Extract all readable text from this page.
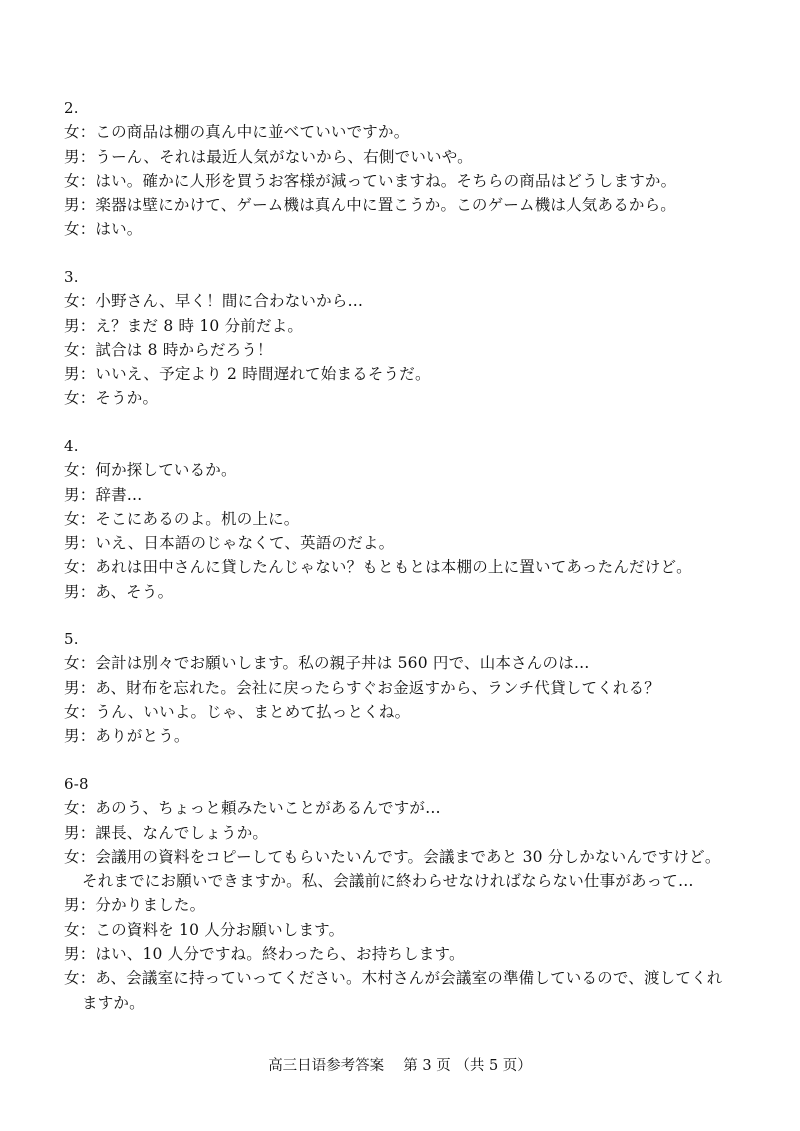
2.
女：この商品は棚の真ん中に並べていいですか。
男：うーん、それは最近人気がないから、右側でいいや。
女：はい。確かに人形を買うお客様が減っていますね。そちらの商品はどうしますか。
男：楽器は壁にかけて、ゲーム機は真ん中に置こうか。このゲーム機は人気あるから。
女：はい。
3.
女：小野さん、早く！間に合わないから…
男：え？まだ 8 時 10 分前だよ。
女：試合は 8 時からだろう！
男：いいえ、予定より 2 時間遅れて始まるそうだ。
女：そうか。
4.
女：何か探しているか。
男：辞書…
女：そこにあるのよ。机の上に。
男：いえ、日本語のじゃなくて、英語のだよ。
女：あれは田中さんに貸したんじゃない？もともとは本棚の上に置いてあったんだけど。
男：あ、そう。
5.
女：会計は別々でお願いします。私の親子丼は 560 円で、山本さんのは…
男：あ、財布を忘れた。会社に戻ったらすぐお金返すから、ランチ代貸してくれる？
女：うん、いいよ。じゃ、まとめて払っとくね。
男：ありがとう。
6-8
女：あのう、ちょっと頼みたいことがあるんですが…
男：課長、なんでしょうか。
女：会議用の資料をコピーしてもらいたいんです。会議まであと 30 分しかないんですけど。
それまでにお願いできますか。私、会議前に終わらせなければならない仕事があって…
男：分かりました。
女：この資料を 10 人分お願いします。
男：はい、10 人分ですね。終わったら、お持ちします。
女：あ、会議室に持っていってください。木村さんが会議室の準備しているので、渡してくれ
ますか。
高三日语参考答案　 第 3 页 （共 5 页）
